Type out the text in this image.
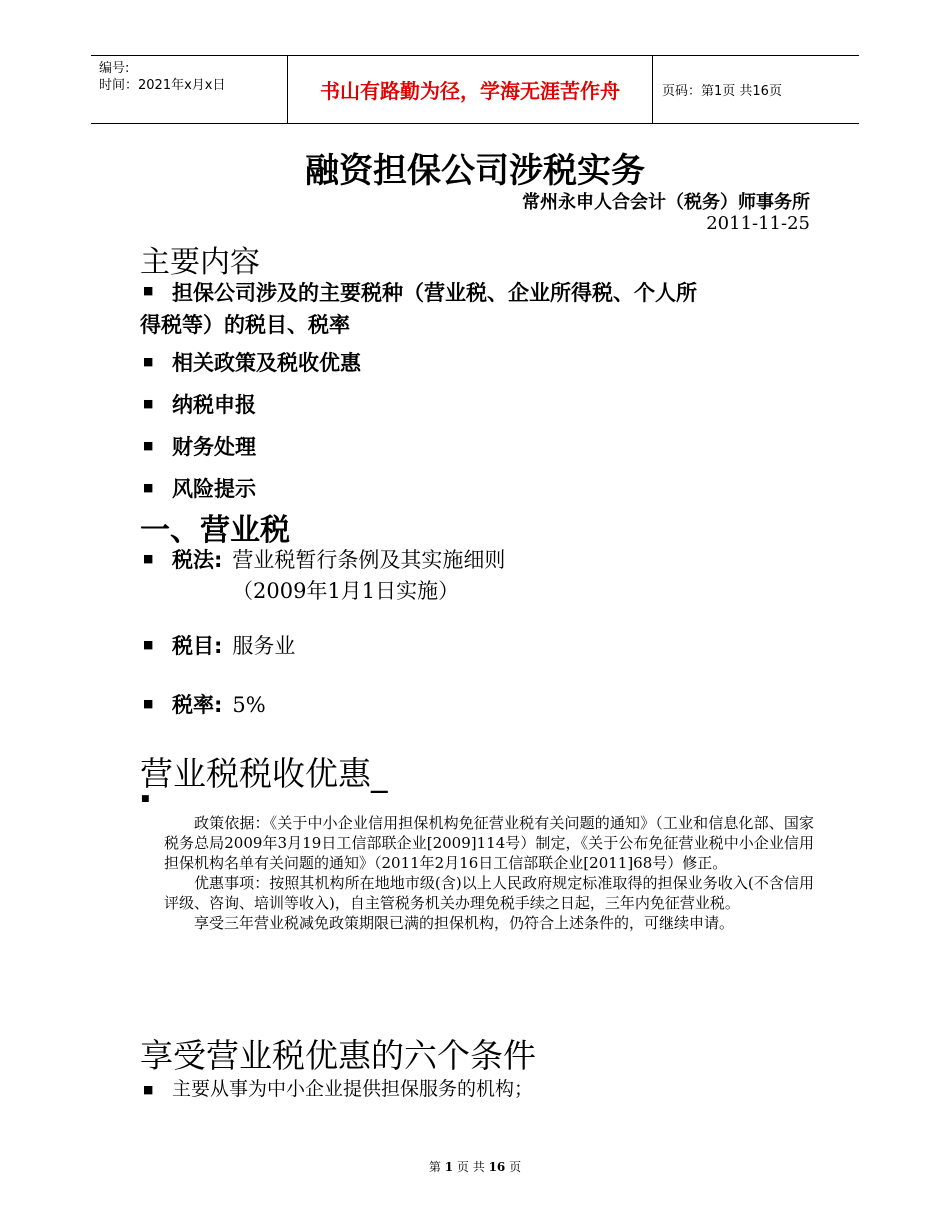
编号:
时间：2021年x月x日	书山有路勤为径，学海无涯苦作舟	页码：第1页 共16页
融资担保公司涉税实务
常州永申人合会计（税务）师事务所
2011-11-25
主要内容
■ 担保公司涉及的主要税种（营业税、企业所得税、个人所
得税等）的税目、税率
■ 相关政策及税收优惠
■ 纳税申报
■ 财务处理
■ 风险提示
一、营业税
■ 税法: 营业税暂行条例及其实施细则
（2009年1月1日实施）
■ 税目: 服务业
■ 税率: 5%
营业税税收优惠_
■

政策依据：《关于中小企业信用担保机构免征营业税有关问题的通知》（工业和信息化部、国家税务总局2009年3月19日工信部联企业[2009]114号）制定，《关于公布免征营业税中小企业信用担保机构名单有关问题的通知》（2011年2月16日工信部联企业[2011]68号）修正。

优惠事项：按照其机构所在地地市级(含)以上人民政府规定标准取得的担保业务收入(不含信用评级、咨询、培训等收入)，自主管税务机关办理免税手续之日起，三年内免征营业税。

享受三年营业税减免政策期限已满的担保机构，仍符合上述条件的，可继续申请。

享受营业税优惠的六个条件
■ 主要从事为中小企业提供担保服务的机构；
第 1 页 共 16 页
